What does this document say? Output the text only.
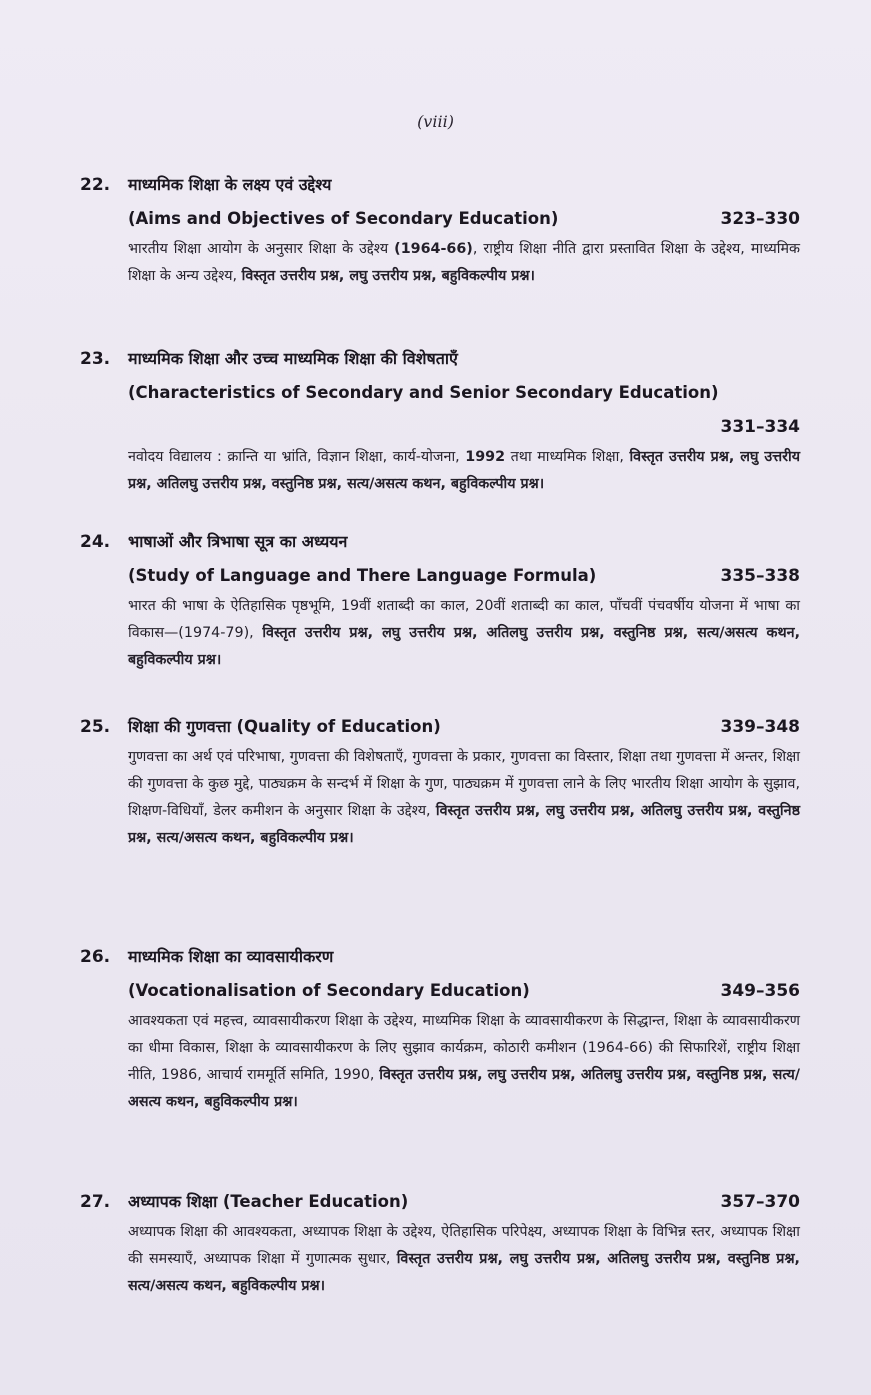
(viii)
22.	माध्यमिक शिक्षा के लक्ष्य एवं उद्देश्य
(Aims and Objectives of Secondary Education)	323–330
भारतीय शिक्षा आयोग के अनुसार शिक्षा के उद्देश्य (1964-66), राष्ट्रीय शिक्षा नीति द्वारा प्रस्तावित शिक्षा के उद्देश्य, माध्यमिक शिक्षा के अन्य उद्देश्य, विस्तृत उत्तरीय प्रश्न, लघु उत्तरीय प्रश्न, बहुविकल्पीय प्रश्न।
23.	माध्यमिक शिक्षा और उच्च माध्यमिक शिक्षा की विशेषताएँ
(Characteristics of Secondary and Senior Secondary Education)
331–334
नवोदय विद्यालय : क्रान्ति या भ्रांति, विज्ञान शिक्षा, कार्य-योजना, 1992 तथा माध्यमिक शिक्षा, विस्तृत उत्तरीय प्रश्न, लघु उत्तरीय प्रश्न, अतिलघु उत्तरीय प्रश्न, वस्तुनिष्ठ प्रश्न, सत्य/असत्य कथन, बहुविकल्पीय प्रश्न।
24.	भाषाओं और त्रिभाषा सूत्र का अध्ययन
(Study of Language and There Language Formula)	335–338
भारत की भाषा के ऐतिहासिक पृष्ठभूमि, 19वीं शताब्दी का काल, 20वीं शताब्दी का काल, पाँचवीं पंचवर्षीय योजना में भाषा का विकास—(1974-79), विस्तृत उत्तरीय प्रश्न, लघु उत्तरीय प्रश्न, अतिलघु उत्तरीय प्रश्न, वस्तुनिष्ठ प्रश्न, सत्य/असत्य कथन, बहुविकल्पीय प्रश्न।
25.	शिक्षा की गुणवत्ता (Quality of Education)	339–348
गुणवत्ता का अर्थ एवं परिभाषा, गुणवत्ता की विशेषताएँ, गुणवत्ता के प्रकार, गुणवत्ता का विस्तार, शिक्षा तथा गुणवत्ता में अन्तर, शिक्षा की गुणवत्ता के कुछ मुद्दे, पाठ्यक्रम के सन्दर्भ में शिक्षा के गुण, पाठ्यक्रम में गुणवत्ता लाने के लिए भारतीय शिक्षा आयोग के सुझाव, शिक्षण-विधियाँ, डेलर कमीशन के अनुसार शिक्षा के उद्देश्य, विस्तृत उत्तरीय प्रश्न, लघु उत्तरीय प्रश्न, अतिलघु उत्तरीय प्रश्न, वस्तुनिष्ठ प्रश्न, सत्य/असत्य कथन, बहुविकल्पीय प्रश्न।
26.	माध्यमिक शिक्षा का व्यावसायीकरण
(Vocationalisation of Secondary Education)	349–356
आवश्यकता एवं महत्त्व, व्यावसायीकरण शिक्षा के उद्देश्य, माध्यमिक शिक्षा के व्यावसायीकरण के सिद्धान्त, शिक्षा के व्यावसायीकरण का धीमा विकास, शिक्षा के व्यावसायीकरण के लिए सुझाव कार्यक्रम, कोठारी कमीशन (1964-66) की सिफारिशें, राष्ट्रीय शिक्षा नीति, 1986, आचार्य राममूर्ति समिति, 1990, विस्तृत उत्तरीय प्रश्न, लघु उत्तरीय प्रश्न, अतिलघु उत्तरीय प्रश्न, वस्तुनिष्ठ प्रश्न, सत्य/असत्य कथन, बहुविकल्पीय प्रश्न।
27.	अध्यापक शिक्षा (Teacher Education)	357–370
अध्यापक शिक्षा की आवश्यकता, अध्यापक शिक्षा के उद्देश्य, ऐतिहासिक परिपेक्ष्य, अध्यापक शिक्षा के विभिन्न स्तर, अध्यापक शिक्षा की समस्याएँ, अध्यापक शिक्षा में गुणात्मक सुधार, विस्तृत उत्तरीय प्रश्न, लघु उत्तरीय प्रश्न, अतिलघु उत्तरीय प्रश्न, वस्तुनिष्ठ प्रश्न, सत्य/असत्य कथन, बहुविकल्पीय प्रश्न।
